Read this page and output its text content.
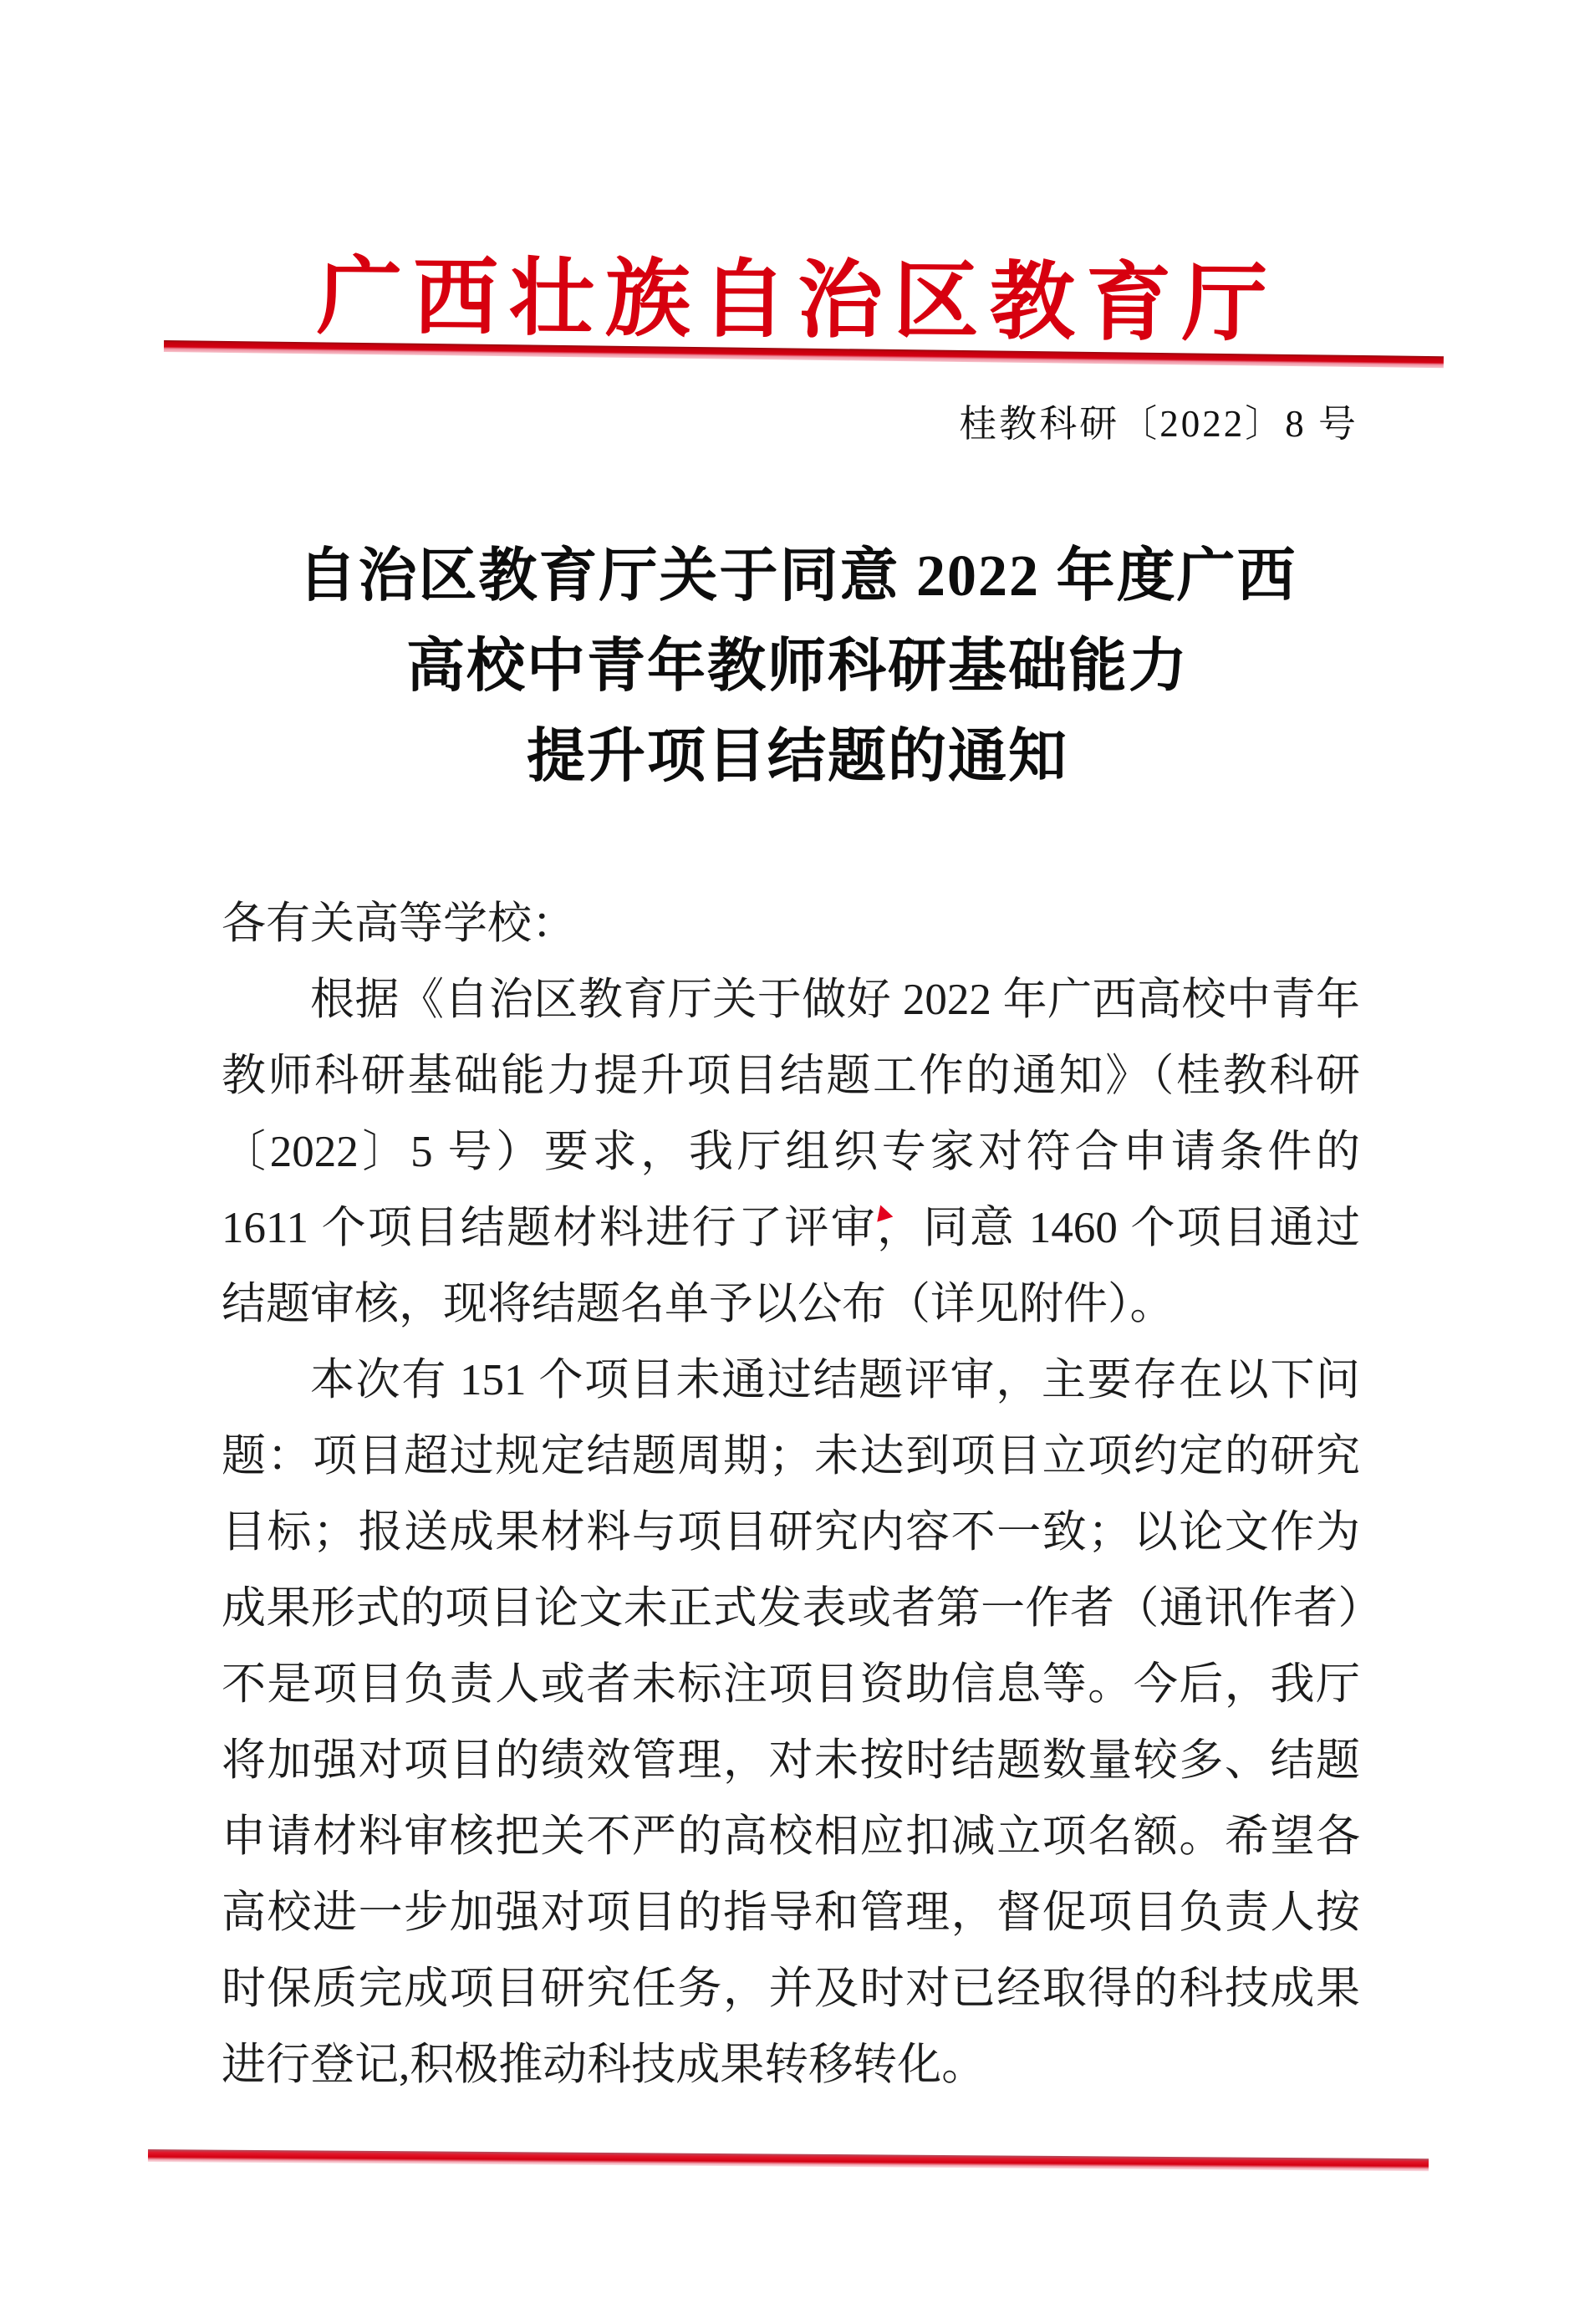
广西壮族自治区教育厅
桂教科研〔2022〕8 号
自治区教育厅关于同意 2022 年度广西
高校中青年教师科研基础能力
提升项目结题的通知

各有关高等学校：

根据《自治区教育厅关于做好 2022 年广西高校中青年教师科研基础能力提升项目结题工作的通知》（桂教科研〔2022〕5 号）要求，我厅组织专家对符合申请条件的 1611 个项目结题材料进行了评审，同意 1460 个项目通过结题审核，现将结题名单予以公布（详见附件）。

本次有 151 个项目未通过结题评审，主要存在以下问题：项目超过规定结题周期；未达到项目立项约定的研究目标；报送成果材料与项目研究内容不一致；以论文作为成果形式的项目论文未正式发表或者第一作者（通讯作者）不是项目负责人或者未标注项目资助信息等。今后，我厅将加强对项目的绩效管理，对未按时结题数量较多、结题申请材料审核把关不严的高校相应扣减立项名额。希望各高校进一步加强对项目的指导和管理，督促项目负责人按时保质完成项目研究任务，并及时对已经取得的科技成果进行登记,积极推动科技成果转移转化。
